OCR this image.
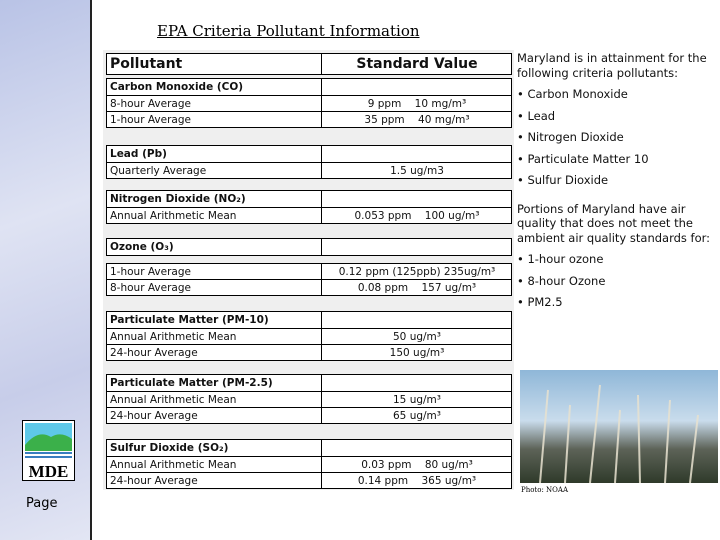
MDE
Page
EPA Criteria Pollutant Information
Pollutant	Standard Value
Carbon Monoxide (CO)
8-hour Average	9 ppm    10 mg/m³
1-hour Average	35 ppm    40 mg/m³
Lead (Pb)
Quarterly Average	1.5 ug/m3
Nitrogen Dioxide (NO₂)
Annual Arithmetic Mean	0.053 ppm    100 ug/m³
Ozone (O₃)
1-hour Average	0.12 ppm (125ppb) 235ug/m³
8-hour Average	0.08 ppm    157 ug/m³
Particulate Matter (PM-10)
Annual Arithmetic Mean	50 ug/m³
24-hour Average	150 ug/m³
Particulate Matter (PM-2.5)
Annual Arithmetic Mean	15 ug/m³
24-hour Average	65 ug/m³
Sulfur Dioxide (SO₂)
Annual Arithmetic Mean	0.03 ppm    80 ug/m³
24-hour Average	0.14 ppm    365 ug/m³

Maryland is in attainment for the following criteria pollutants:

• Carbon Monoxide

• Lead

• Nitrogen Dioxide

• Particulate Matter 10

• Sulfur Dioxide

Portions of Maryland have air quality that does not meet the ambient air quality standards for:

• 1-hour ozone

• 8-hour Ozone

• PM2.5

Photo: NOAA
